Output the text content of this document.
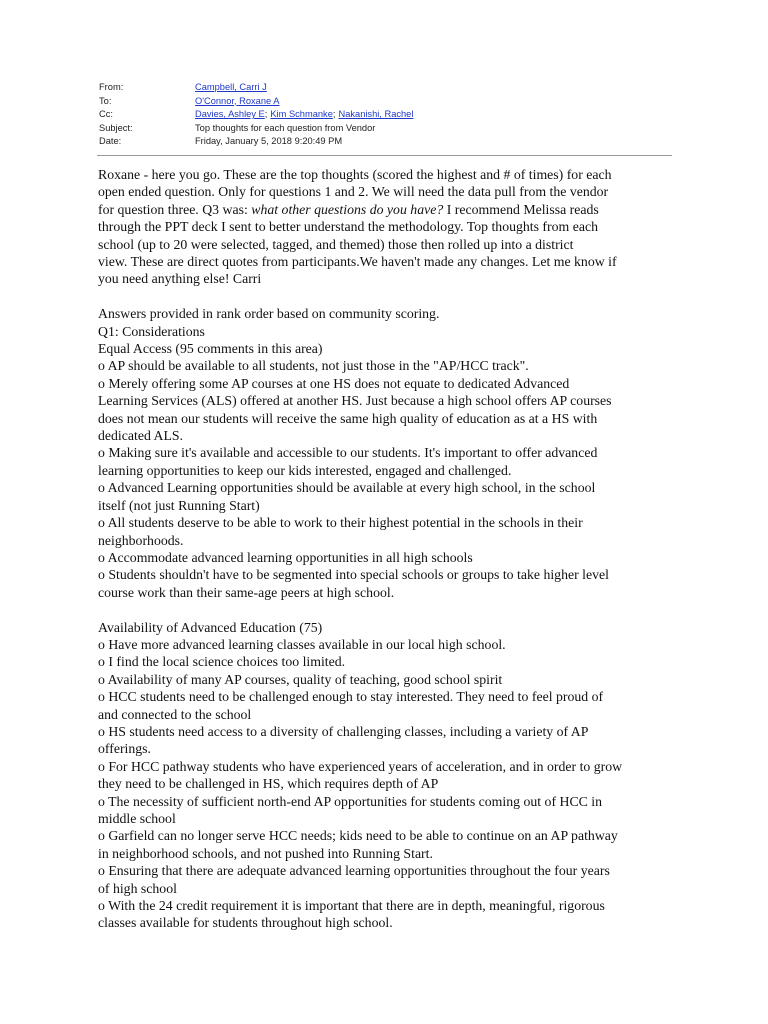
From:	Campbell, Carri J
To:	O'Connor, Roxane A
Cc:	Davies, Ashley E ; Kim Schmanke ; Nakanishi, Rachel
Subject:	Top thoughts for each question from Vendor
Date:	Friday, January 5, 2018 9:20:49 PM

Roxane - here you go. These are the top thoughts (scored the highest and # of times) for each

open ended question. Only for questions 1 and 2. We will need the data pull from the vendor

for question three. Q3 was: what other questions do you have? I recommend Melissa reads

through the PPT deck I sent to better understand the methodology. Top thoughts from each

school (up to 20 were selected, tagged, and themed) those then rolled up into a district

view. These are direct quotes from participants.We haven't made any changes. Let me know if

you need anything else! Carri

Answers provided in rank order based on community scoring.

Q1: Considerations

Equal Access (95 comments in this area)

o AP should be available to all students, not just those in the "AP/HCC track".

o Merely offering some AP courses at one HS does not equate to dedicated Advanced

Learning Services (ALS) offered at another HS. Just because a high school offers AP courses

does not mean our students will receive the same high quality of education as at a HS with

dedicated ALS.

o Making sure it's available and accessible to our students. It's important to offer advanced

learning opportunities to keep our kids interested, engaged and challenged.

o Advanced Learning opportunities should be available at every high school, in the school

itself (not just Running Start)

o All students deserve to be able to work to their highest potential in the schools in their

neighborhoods.

o Accommodate advanced learning opportunities in all high schools

o Students shouldn't have to be segmented into special schools or groups to take higher level

course work than their same-age peers at high school.

Availability of Advanced Education (75)

o Have more advanced learning classes available in our local high school.

o I find the local science choices too limited.

o Availability of many AP courses, quality of teaching, good school spirit

o HCC students need to be challenged enough to stay interested. They need to feel proud of

and connected to the school

o HS students need access to a diversity of challenging classes, including a variety of AP

offerings.

o For HCC pathway students who have experienced years of acceleration, and in order to grow

they need to be challenged in HS, which requires depth of AP

o The necessity of sufficient north-end AP opportunities for students coming out of HCC in

middle school

o Garfield can no longer serve HCC needs; kids need to be able to continue on an AP pathway

in neighborhood schools, and not pushed into Running Start.

o Ensuring that there are adequate advanced learning opportunities throughout the four years

of high school

o With the 24 credit requirement it is important that there are in depth, meaningful, rigorous

classes available for students throughout high school.
